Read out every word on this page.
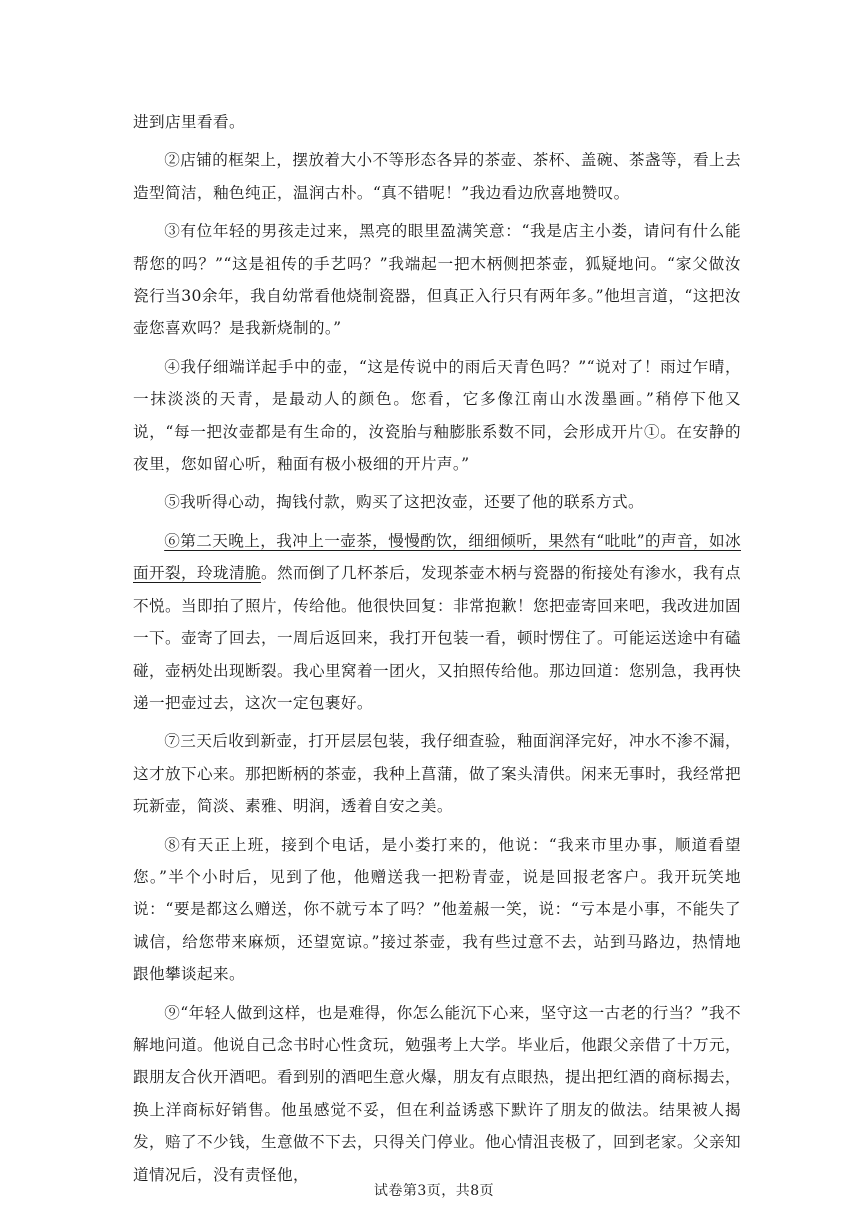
进到店里看看。

②店铺的框架上，摆放着大小不等形态各异的茶壶、茶杯、盖碗、茶盏等，看上去造型简洁，釉色纯正，温润古朴。“真不错呢！”我边看边欣喜地赞叹。

③有位年轻的男孩走过来，黑亮的眼里盈满笑意：“我是店主小娄，请问有什么能帮您的吗？”“这是祖传的手艺吗？”我端起一把木柄侧把茶壶，狐疑地问。“家父做汝瓷行当30余年，我自幼常看他烧制瓷器，但真正入行只有两年多。”他坦言道，“这把汝壶您喜欢吗？是我新烧制的。”

④我仔细端详起手中的壶，“这是传说中的雨后天青色吗？”“说对了！雨过乍晴，一抹淡淡的天青，是最动人的颜色。您看，它多像江南山水泼墨画。”稍停下他又说，“每一把汝壶都是有生命的，汝瓷胎与釉膨胀系数不同，会形成开片①。在安静的夜里，您如留心听，釉面有极小极细的开片声。”

⑤我听得心动，掏钱付款，购买了这把汝壶，还要了他的联系方式。

⑥第二天晚上，我冲上一壶茶，慢慢酌饮，细细倾听，果然有“吡吡”的声音，如冰面开裂，玲珑清脆。然而倒了几杯茶后，发现茶壶木柄与瓷器的衔接处有渗水，我有点不悦。当即拍了照片，传给他。他很快回复：非常抱歉！您把壶寄回来吧，我改进加固一下。壶寄了回去，一周后返回来，我打开包装一看，顿时愣住了。可能运送途中有磕碰，壶柄处出现断裂。我心里窝着一团火，又拍照传给他。那边回道：您别急，我再快递一把壶过去，这次一定包裹好。

⑦三天后收到新壶，打开层层包装，我仔细查验，釉面润泽完好，冲水不渗不漏，这才放下心来。那把断柄的茶壶，我种上菖蒲，做了案头清供。闲来无事时，我经常把玩新壶，简淡、素雅、明润，透着自安之美。

⑧有天正上班，接到个电话，是小娄打来的，他说：“我来市里办事，顺道看望您。”半个小时后，见到了他，他赠送我一把粉青壶，说是回报老客户。我开玩笑地说：“要是都这么赠送，你不就亏本了吗？”他羞赧一笑，说：“亏本是小事，不能失了诚信，给您带来麻烦，还望宽谅。”接过茶壶，我有些过意不去，站到马路边，热情地跟他攀谈起来。

⑨“年轻人做到这样，也是难得，你怎么能沉下心来，坚守这一古老的行当？”我不解地问道。他说自己念书时心性贪玩，勉强考上大学。毕业后，他跟父亲借了十万元，跟朋友合伙开酒吧。看到别的酒吧生意火爆，朋友有点眼热，提出把红酒的商标揭去，换上洋商标好销售。他虽感觉不妥，但在利益诱惑下默许了朋友的做法。结果被人揭发，赔了不少钱，生意做不下去，只得关门停业。他心情沮丧极了，回到老家。父亲知道情况后，没有责怪他，

试卷第3页，共8页
